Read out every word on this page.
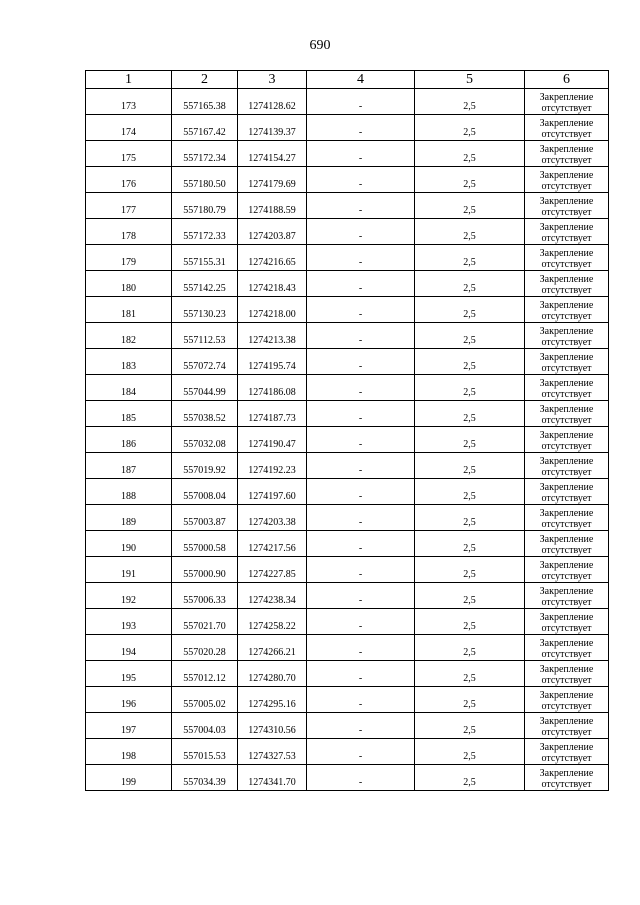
690
1	2	3	4	5	6
173	557165.38	1274128.62	-	2,5	Закрепление отсутствует
174	557167.42	1274139.37	-	2,5	Закрепление отсутствует
175	557172.34	1274154.27	-	2,5	Закрепление отсутствует
176	557180.50	1274179.69	-	2,5	Закрепление отсутствует
177	557180.79	1274188.59	-	2,5	Закрепление отсутствует
178	557172.33	1274203.87	-	2,5	Закрепление отсутствует
179	557155.31	1274216.65	-	2,5	Закрепление отсутствует
180	557142.25	1274218.43	-	2,5	Закрепление отсутствует
181	557130.23	1274218.00	-	2,5	Закрепление отсутствует
182	557112.53	1274213.38	-	2,5	Закрепление отсутствует
183	557072.74	1274195.74	-	2,5	Закрепление отсутствует
184	557044.99	1274186.08	-	2,5	Закрепление отсутствует
185	557038.52	1274187.73	-	2,5	Закрепление отсутствует
186	557032.08	1274190.47	-	2,5	Закрепление отсутствует
187	557019.92	1274192.23	-	2,5	Закрепление отсутствует
188	557008.04	1274197.60	-	2,5	Закрепление отсутствует
189	557003.87	1274203.38	-	2,5	Закрепление отсутствует
190	557000.58	1274217.56	-	2,5	Закрепление отсутствует
191	557000.90	1274227.85	-	2,5	Закрепление отсутствует
192	557006.33	1274238.34	-	2,5	Закрепление отсутствует
193	557021.70	1274258.22	-	2,5	Закрепление отсутствует
194	557020.28	1274266.21	-	2,5	Закрепление отсутствует
195	557012.12	1274280.70	-	2,5	Закрепление отсутствует
196	557005.02	1274295.16	-	2,5	Закрепление отсутствует
197	557004.03	1274310.56	-	2,5	Закрепление отсутствует
198	557015.53	1274327.53	-	2,5	Закрепление отсутствует
199	557034.39	1274341.70	-	2,5	Закрепление отсутствует
